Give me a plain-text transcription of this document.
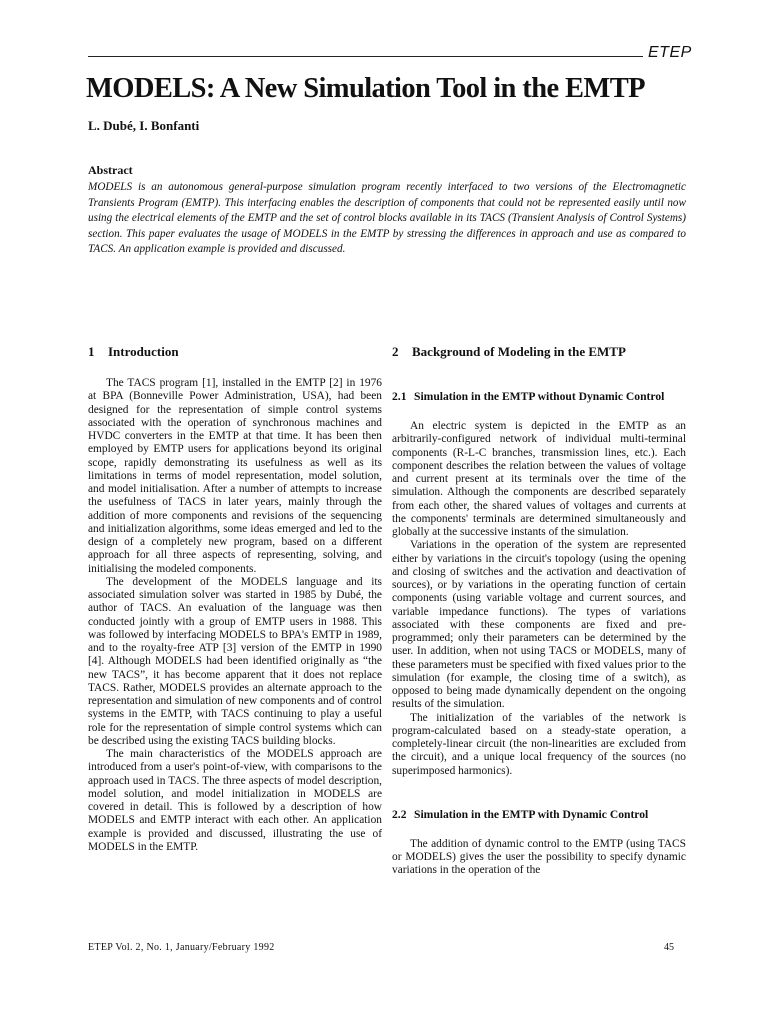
ETEP
MODELS: A New Simulation Tool in the EMTP
L. Dubé, I. Bonfanti
Abstract

MODELS is an autonomous general-purpose simulation program recently interfaced to two versions of the Electromagnetic Transients Program (EMTP). This interfacing enables the description of components that could not be represented easily until now using the electrical elements of the EMTP and the set of control blocks available in its TACS (Transient Analysis of Control Systems) section. This paper evaluates the usage of MODELS in the EMTP by stressing the differences in approach and use as compared to TACS. An application example is provided and discussed.

1	Introduction

The TACS program [1], installed in the EMTP [2] in 1976 at BPA (Bonneville Power Administration, USA), had been designed for the representation of simple control systems associated with the operation of synchronous machines and HVDC converters in the EMTP at that time. It has been then employed by EMTP users for applications beyond its original scope, rapidly demonstrating its usefulness as well as its limitations in terms of model representation, model solution, and model initialisation. After a number of attempts to increase the usefulness of TACS in later years, mainly through the addition of more components and revisions of the sequencing and initialization algorithms, some ideas emerged and led to the design of a completely new program, based on a different approach for all three aspects of representing, solving, and initialising the modeled components.

The development of the MODELS language and its associated simulation solver was started in 1985 by Dubé, the author of TACS. An evaluation of the language was then conducted jointly with a group of EMTP users in 1988. This was followed by interfacing MODELS to BPA's EMTP in 1989, and to the royalty-free ATP [3] version of the EMTP in 1990 [4]. Although MODELS had been identified originally as “the new TACS”, it has become apparent that it does not replace TACS. Rather, MODELS provides an alternate approach to the representation and simulation of new components and of control systems in the EMTP, with TACS continuing to play a useful role for the representation of simple control systems which can be described using the existing TACS building blocks.

The main characteristics of the MODELS approach are introduced from a user's point-of-view, with comparisons to the approach used in TACS. The three aspects of model description, model solution, and model initialization in MODELS are covered in detail. This is followed by a description of how MODELS and EMTP interact with each other. An application example is provided and discussed, illustrating the use of MODELS in the EMTP.

2	Background of Modeling in the EMTP
2.1 Simulation in the EMTP without Dynamic Control

An electric system is depicted in the EMTP as an arbitrarily-configured network of individual multi-terminal components (R-L-C branches, transmission lines, etc.). Each component describes the relation between the values of voltage and current present at its terminals over the time of the simulation. Although the components are described separately from each other, the shared values of voltages and currents at the components' terminals are determined simultaneously and globally at the successive instants of the simulation.

Variations in the operation of the system are represented either by variations in the circuit's topology (using the opening and closing of switches and the activation and deactivation of sources), or by variations in the operating function of certain components (using variable voltage and current sources, and variable impedance functions). The types of variations associated with these components are fixed and pre-programmed; only their parameters can be determined by the user. In addition, when not using TACS or MODELS, many of these parameters must be specified with fixed values prior to the simulation (for example, the closing time of a switch), as opposed to being made dynamically dependent on the ongoing results of the simulation.

The initialization of the variables of the network is program-calculated based on a steady-state operation, a completely-linear circuit (the non-linearities are excluded from the circuit), and a unique local frequency of the sources (no superimposed harmonics).

2.2 Simulation in the EMTP with Dynamic Control

The addition of dynamic control to the EMTP (using TACS or MODELS) gives the user the possibility to specify dynamic variations in the operation of the

ETEP Vol. 2, No. 1, January/February 1992	45
